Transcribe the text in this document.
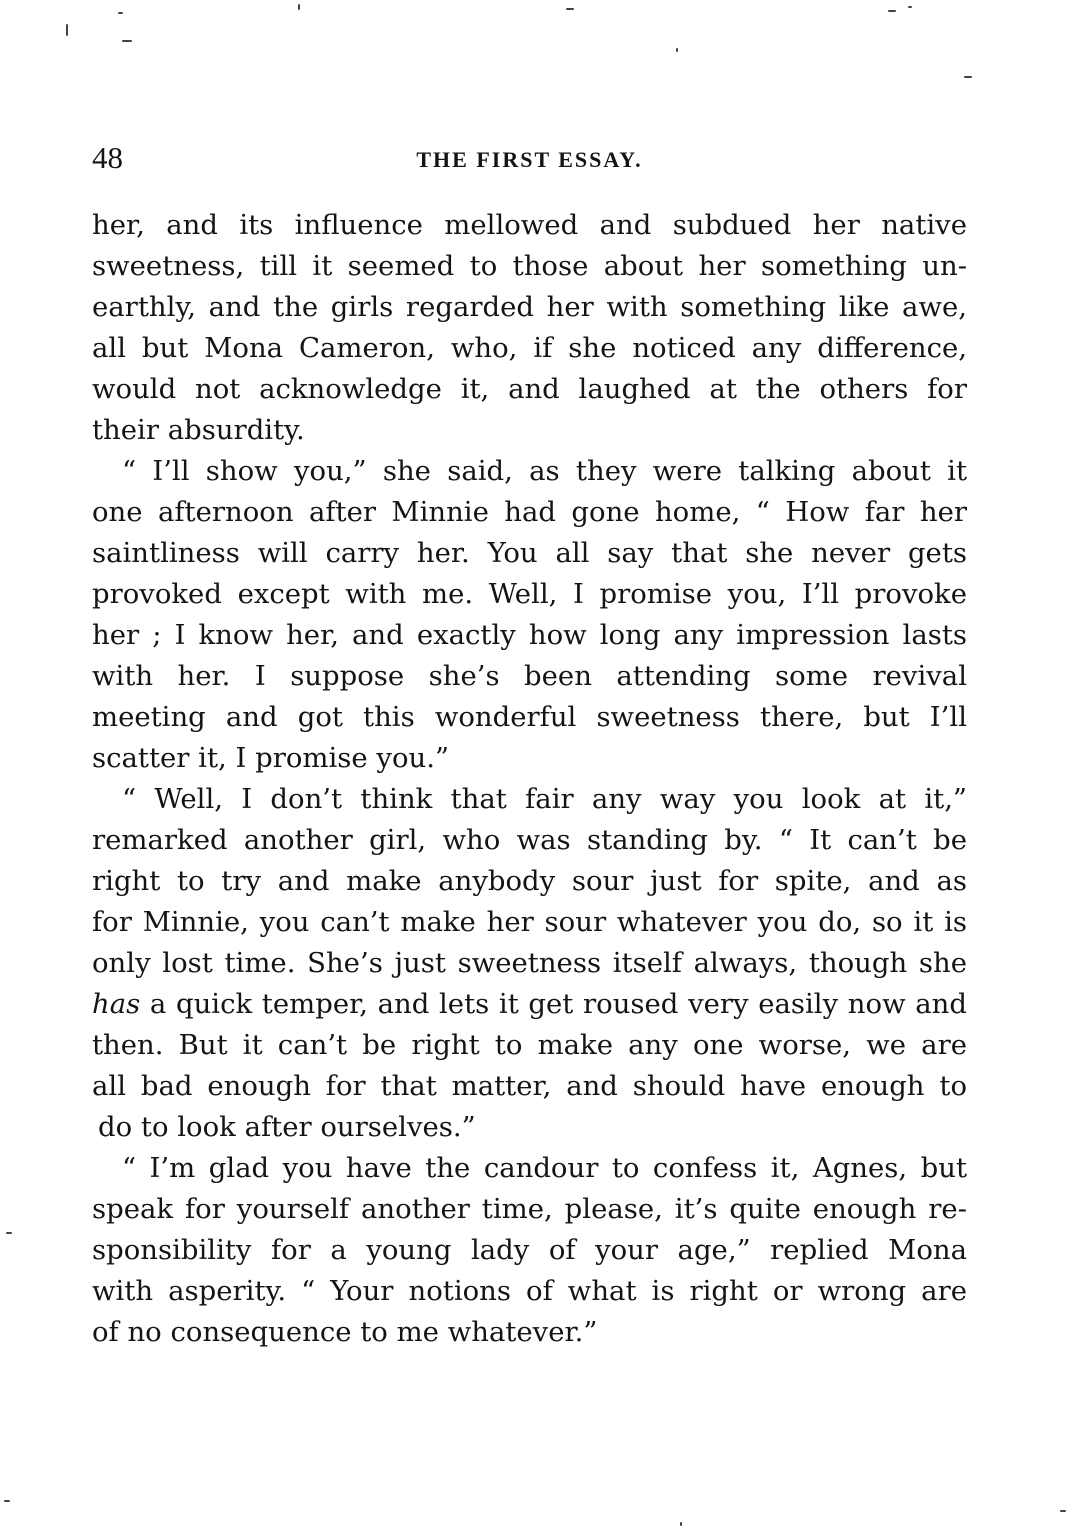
48	THE FIRST ESSAY.
her, and its influence mellowed and subdued her native
sweetness, till it seemed to those about her something un-
earthly, and the girls regarded her with something like awe,
all but Mona Cameron, who, if she noticed any difference,
would not acknowledge it, and laughed at the others for
their absurdity.
“ I’ll show you,” she said, as they were talking about it
one afternoon after Minnie had gone home, “ How far her
saintliness will carry her. You all say that she never gets
provoked except with me. Well, I promise you, I’ll provoke
her ; I know her, and exactly how long any impression lasts
with her. I suppose she’s been attending some revival
meeting and got this wonderful sweetness there, but I’ll
scatter it, I promise you.”
“ Well, I don’t think that fair any way you look at it,”
remarked another girl, who was standing by. “ It can’t be
right to try and make anybody sour just for spite, and as
for Minnie, you can’t make her sour whatever you do, so it is
only lost time. She’s just sweetness itself always, though she
has a quick temper, and lets it get roused very easily now and
then. But it can’t be right to make any one worse, we are
all bad enough for that matter, and should have enough to
do to look after ourselves.”
“ I’m glad you have the candour to confess it, Agnes, but
speak for yourself another time, please, it’s quite enough re-
sponsibility for a young lady of your age,” replied Mona
with asperity. “ Your notions of what is right or wrong are
of no consequence to me whatever.”
